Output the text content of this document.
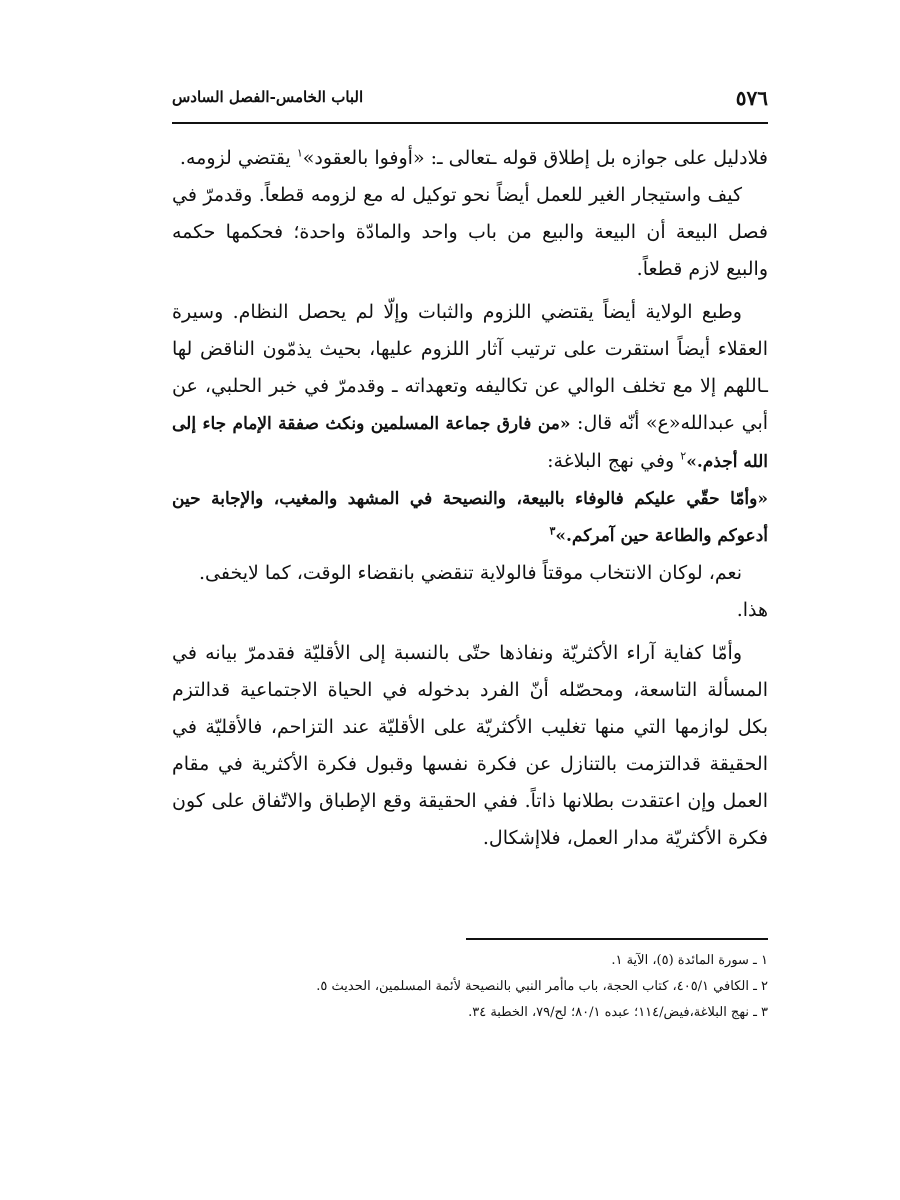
٥٧٦
الباب الخامس-الفصل السادس

فلادليل على جوازه بل إطلاق قوله ـتعالى ـ: «أوفوا بالعقود»$^١$ يقتضي لزومه.

كيف واستيجار الغير للعمل أيضاً نحو توكيل له مع لزومه قطعاً. وقدمرّ في فصل البيعة أن البيعة والبيع من باب واحد والمادّة واحدة؛ فحكمها حكمه والبيع لازم قطعاً.

وطبع الولاية أيضاً يقتضي اللزوم والثبات وإلّا لم يحصل النظام. وسيرة العقلاء أيضاً استقرت على ترتيب آثار اللزوم عليها، بحيث يذمّون الناقض لها ـاللهم إلا مع تخلف الوالي عن تكاليفه وتعهداته ـ وقدمرّ في خبر الحلبي، عن أبي عبدالله«ع» أنّه قال: «من فارق جماعة المسلمين ونكث صفقة الإمام جاء إلى الله أجذم.»$^٢$ وفي نهج البلاغة:

«وأمّا حقّي عليكم فالوفاء بالبيعة، والنصيحة في المشهد والمغيب، والإجابة حين أدعوكم والطاعة حين آمركم.»$^٣$

نعم، لوكان الانتخاب موقتاً فالولاية تنقضي بانقضاء الوقت، كما لايخفى.

هذا.

وأمّا كفاية آراء الأكثريّة ونفاذها حتّى بالنسبة إلى الأقليّة فقدمرّ بيانه في المسألة التاسعة، ومحصّله أنّ الفرد بدخوله في الحياة الاجتماعية قدالتزم بكل لوازمها التي منها تغليب الأكثريّة على الأقليّة عند التزاحم، فالأقليّة في الحقيقة قدالتزمت بالتنازل عن فكرة نفسها وقبول فكرة الأكثرية في مقام العمل وإن اعتقدت بطلانها ذاتاً. ففي الحقيقة وقع الإطباق والاتّفاق على كون فكرة الأكثريّة مدار العمل، فلاإشكال.

١ ـ سورة المائدة (٥)، الآية ١.
٢ ـ الكافي ٤٠٥/١، كتاب الحجة، باب ماأمر النبي بالنصيحة لأئمة المسلمين، الحديث ٥.
٣ ـ نهج البلاغة،فيض/١١٤؛ عبده ٨٠/١؛ لح/٧٩، الخطبة ٣٤.
